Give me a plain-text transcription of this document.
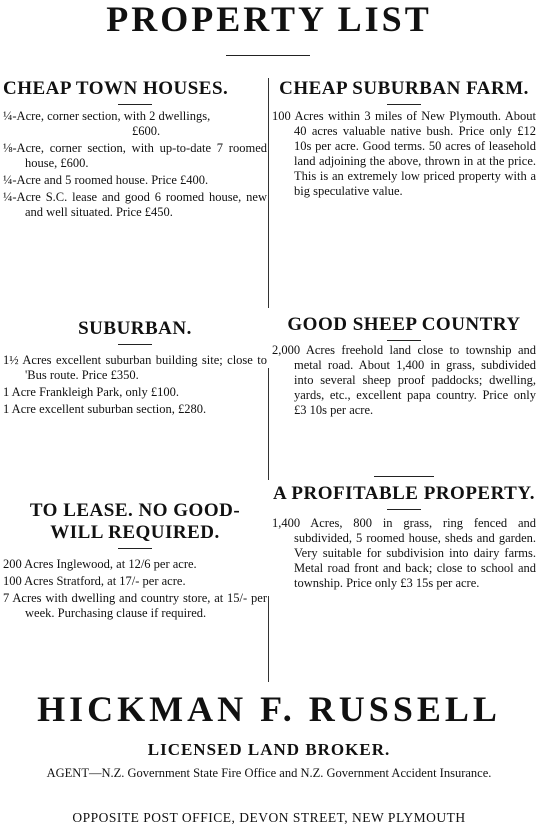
PROPERTY LIST
CHEAP TOWN HOUSES.

¼-Acre, corner section, with 2 dwellings,
£600.

⅛-Acre, corner section, with up-to-date 7 roomed house, £600.

¼-Acre and 5 roomed house. Price £400.

¼-Acre S.C. lease and good 6 roomed house, new and well situated. Price £450.

SUBURBAN.

1½ Acres excellent suburban building site; close to 'Bus route. Price £350.

1 Acre Frankleigh Park, only £100.

1 Acre excellent suburban section, £280.

TO LEASE. NO GOOD-WILL REQUIRED.

200 Acres Inglewood, at 12/6 per acre.

100 Acres Stratford, at 17/- per acre.

7 Acres with dwelling and country store, at 15/- per week. Purchasing clause if required.

CHEAP SUBURBAN FARM.

100 Acres within 3 miles of New Plymouth. About 40 acres valuable native bush. Price only £12 10s per acre. Good terms. 50 acres of leasehold land adjoining the above, thrown in at the price. This is an extremely low priced property with a big speculative value.

GOOD SHEEP COUNTRY

2,000 Acres freehold land close to township and metal road. About 1,400 in grass, subdivided into several sheep proof paddocks; dwelling, yards, etc., excellent papa country. Price only £3 10s per acre.

A PROFITABLE PROPERTY.

1,400 Acres, 800 in grass, ring fenced and subdivided, 5 roomed house, sheds and garden. Very suitable for subdivision into dairy farms. Metal road front and back; close to school and township. Price only £3 15s per acre.

HICKMAN F. RUSSELL
LICENSED LAND BROKER.
AGENT—N.Z. Government State Fire Office and N.Z. Government Accident Insurance.
OPPOSITE POST OFFICE, DEVON STREET, NEW PLYMOUTH
